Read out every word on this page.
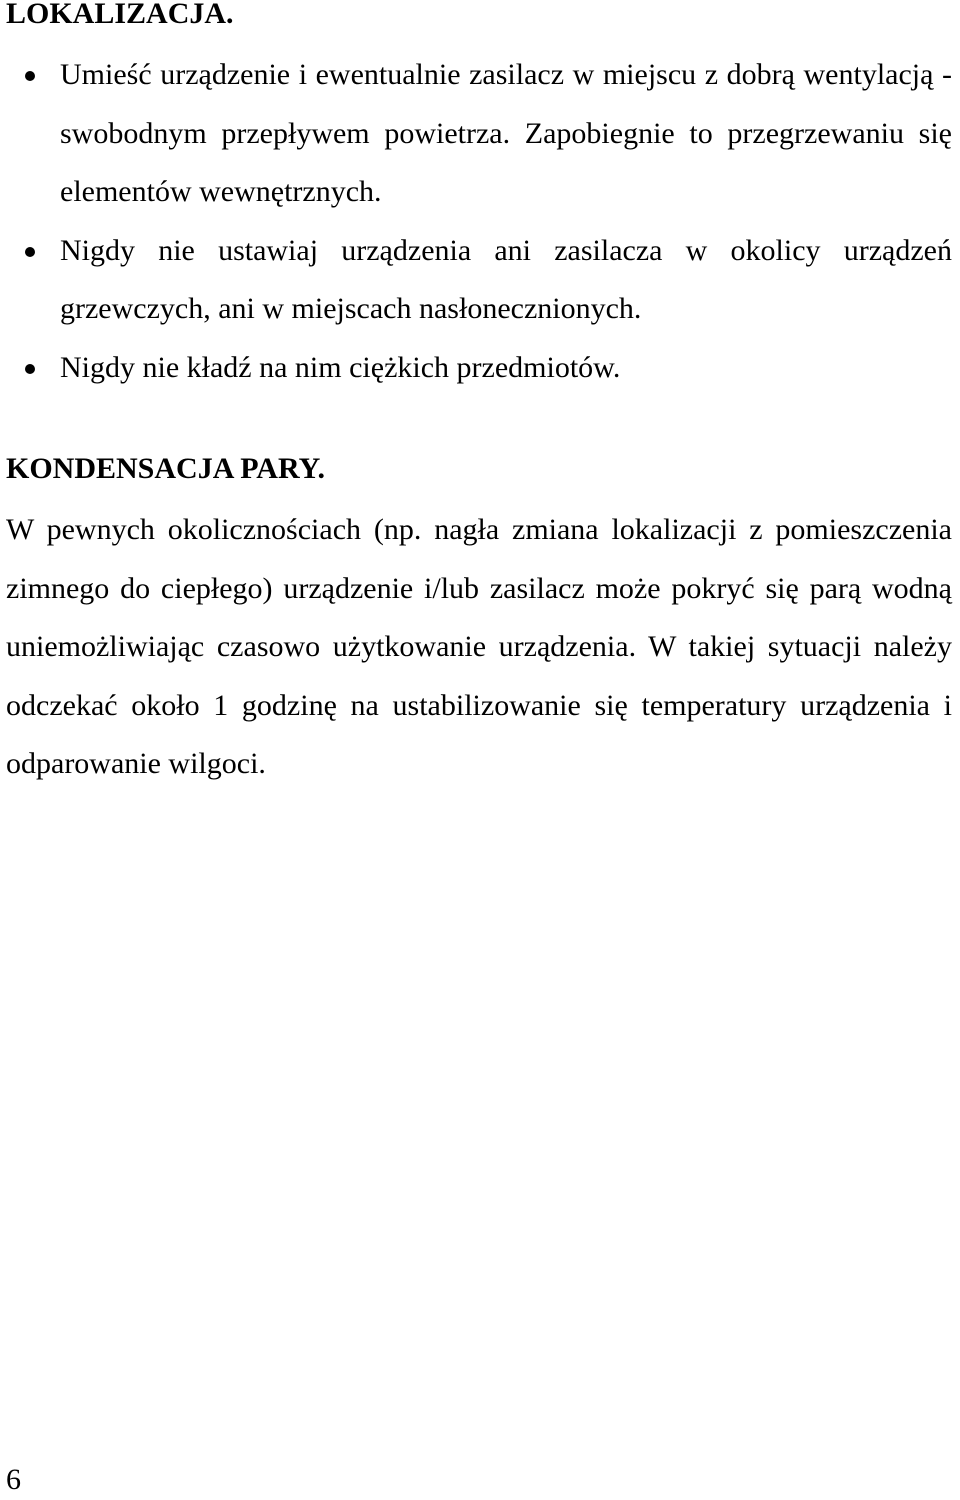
LOKALIZACJA.
Umieść urządzenie i ewentualnie zasilacz w miejscu z dobrą wentylacją - swobodnym przepływem powietrza. Zapobiegnie to przegrzewaniu się elementów wewnętrznych.
Nigdy nie ustawiaj urządzenia ani zasilacza w okolicy urządzeń grzewczych, ani w miejscach nasłonecznionych.
Nigdy nie kładź na nim ciężkich przedmiotów.
KONDENSACJA PARY.

W pewnych okolicznościach (np. nagła zmiana lokalizacji z pomieszczenia zimnego do ciepłego) urządzenie i/lub zasilacz może pokryć się parą wodną uniemożliwiając czasowo użytkowanie urządzenia. W takiej sytuacji należy odczekać około 1 godzinę na ustabilizowanie się temperatury urządzenia i odparowanie wilgoci.

6
